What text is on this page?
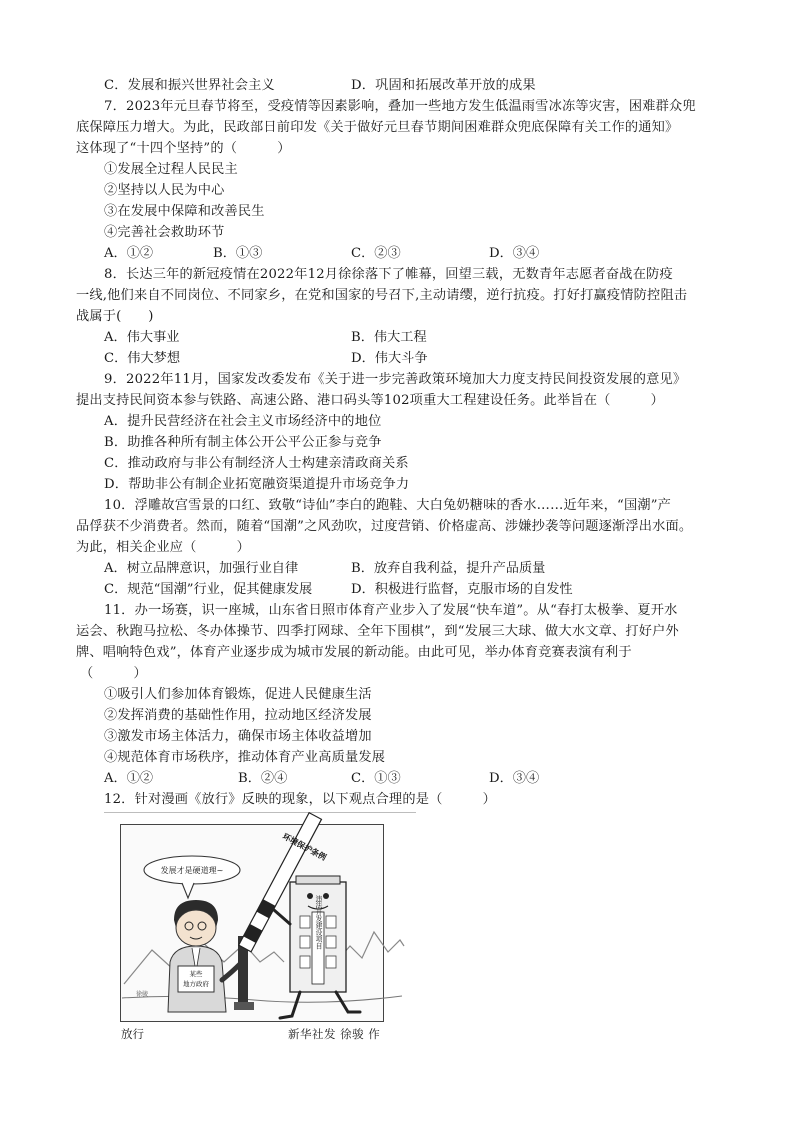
C．发展和振兴世界社会主义	D．巩固和拓展改革开放的成果
7．2023年元旦春节将至，受疫情等因素影响，叠加一些地方发生低温雨雪冰冻等灾害，困难群众兜
底保障压力增大。为此，民政部日前印发《关于做好元旦春节期间困难群众兜底保障有关工作的通知》
这体现了“十四个坚持”的（　　　）
①发展全过程人民民主
②坚持以人民为中心
③在发展中保障和改善民生
④完善社会救助环节
A．①②	B．①③	C．②③	D．③④
8．长达三年的新冠疫情在2022年12月徐徐落下了帷幕，回望三载，无数青年志愿者奋战在防疫
一线,他们来自不同岗位、不同家乡，在党和国家的号召下,主动请缨，逆行抗疫。打好打赢疫情防控阻击
战属于(　　)
A．伟大事业	B．伟大工程
C．伟大梦想	D．伟大斗争
9．2022年11月，国家发改委发布《关于进一步完善政策环境加大力度支持民间投资发展的意见》
提出支持民间资本参与铁路、高速公路、港口码头等102项重大工程建设任务。此举旨在（　　　）
A．提升民营经济在社会主义市场经济中的地位
B．助推各种所有制主体公开公平公正参与竞争
C．推动政府与非公有制经济人士构建亲清政商关系
D．帮助非公有制企业拓宽融资渠道提升市场竞争力
10．浮雕故宫雪景的口红、致敬“诗仙”李白的跑鞋、大白兔奶糖味的香水……近年来，“国潮”产
品俘获不少消费者。然而，随着“国潮”之风劲吹，过度营销、价格虚高、涉嫌抄袭等问题逐渐浮出水面。
为此，相关企业应（　　　）
A．树立品牌意识，加强行业自律	B．放弃自我利益，提升产品质量
C．规范“国潮”行业，促其健康发展	D．积极进行监督，克服市场的自发性
11．办一场赛，识一座城，山东省日照市体育产业步入了发展“快车道”。从“春打太极拳、夏开水
运会、秋跑马拉松、冬办体操节、四季打网球、全年下围棋”，到“发展三大球、做大水文章、打好户外
牌、唱响特色戏”，体育产业逐步成为城市发展的新动能。由此可见，举办体育竞赛表演有利于
（　　　）
①吸引人们参加体育锻炼，促进人民健康生活
②发挥消费的基础性作用，拉动地区经济发展
③激发市场主体活力，确保市场主体收益增加
④规范体育市场秩序，推动体育产业高质量发展
A．①②	B．②④	C．①③	D．③④
12．针对漫画《放行》反映的现象，以下观点合理的是（　　　）
徐骏
发展才是硬道理~
某些
地方政府
环境保护条例
违法开发建设项目
放行	新华社发 徐骏 作
